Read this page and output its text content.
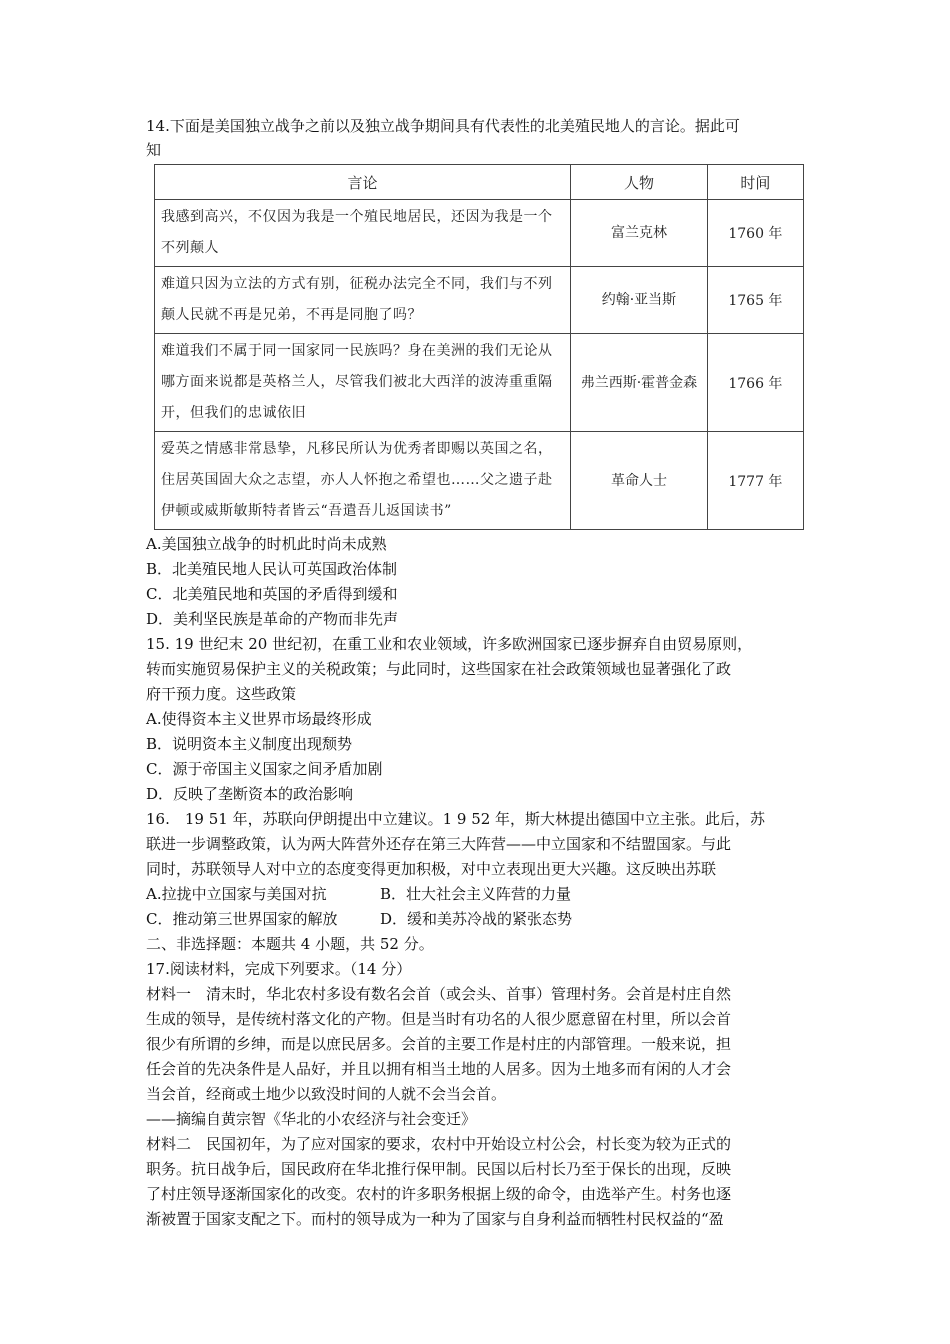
14.下面是美国独立战争之前以及独立战争期间具有代表性的北美殖民地人的言论。据此可

知

言论	人物	时间
我感到高兴，不仅因为我是一个殖民地居民，还因为我是一个不列颠人	富兰克林	1760 年
难道只因为立法的方式有别，征税办法完全不同，我们与不列颠人民就不再是兄弟，不再是同胞了吗？	约翰·亚当斯	1765 年
难道我们不属于同一国家同一民族吗？身在美洲的我们无论从哪方面来说都是英格兰人，尽管我们被北大西洋的波涛重重隔开，但我们的忠诚依旧	弗兰西斯·霍普金森	1766 年
爱英之情感非常恳挚，凡移民所认为优秀者即赐以英国之名，住居英国固大众之志望，亦人人怀抱之希望也……父之遗子赴伊顿或威斯敏斯特者皆云“吾遣吾儿返国读书”	革命人士	1777 年

A.美国独立战争的时机此时尚未成熟

B．北美殖民地人民认可英国政治体制

C．北美殖民地和英国的矛盾得到缓和

D．美利坚民族是革命的产物而非先声

15. 19 世纪末 20 世纪初，在重工业和农业领域，许多欧洲国家已逐步摒弃自由贸易原则，

转而实施贸易保护主义的关税政策；与此同时，这些国家在社会政策领域也显著强化了政

府干预力度。这些政策

A.使得资本主义世界市场最终形成

B．说明资本主义制度出现颓势

C．源于帝国主义国家之间矛盾加剧

D．反映了垄断资本的政治影响

16.　19 51 年，苏联向伊朗提出中立建议。1 9 52 年，斯大林提出德国中立主张。此后，苏

联进一步调整政策，认为两大阵营外还存在第三大阵营——中立国家和不结盟国家。与此

同时，苏联领导人对中立的态度变得更加积极，对中立表现出更大兴趣。这反映出苏联

A.拉拢中立国家与美国对抗	B．壮大社会主义阵营的力量
C．推动第三世界国家的解放	D．缓和美苏冷战的紧张态势

二、非选择题：本题共 4 小题，共 52 分。

17.阅读材料，完成下列要求。（14 分）

材料一　清末时，华北农村多设有数名会首（或会头、首事）管理村务。会首是村庄自然

生成的领导，是传统村落文化的产物。但是当时有功名的人很少愿意留在村里，所以会首

很少有所谓的乡绅，而是以庶民居多。会首的主要工作是村庄的内部管理。一般来说，担

任会首的先决条件是人品好，并且以拥有相当土地的人居多。因为土地多而有闲的人才会

当会首，经商或土地少以致没时间的人就不会当会首。

——摘编自黄宗智《华北的小农经济与社会变迁》

材料二　民国初年，为了应对国家的要求，农村中开始设立村公会，村长变为较为正式的

职务。抗日战争后，国民政府在华北推行保甲制。民国以后村长乃至于保长的出现，反映

了村庄领导逐渐国家化的改变。农村的许多职务根据上级的命令，由选举产生。村务也逐

渐被置于国家支配之下。而村的领导成为一种为了国家与自身利益而牺牲村民权益的“盈
